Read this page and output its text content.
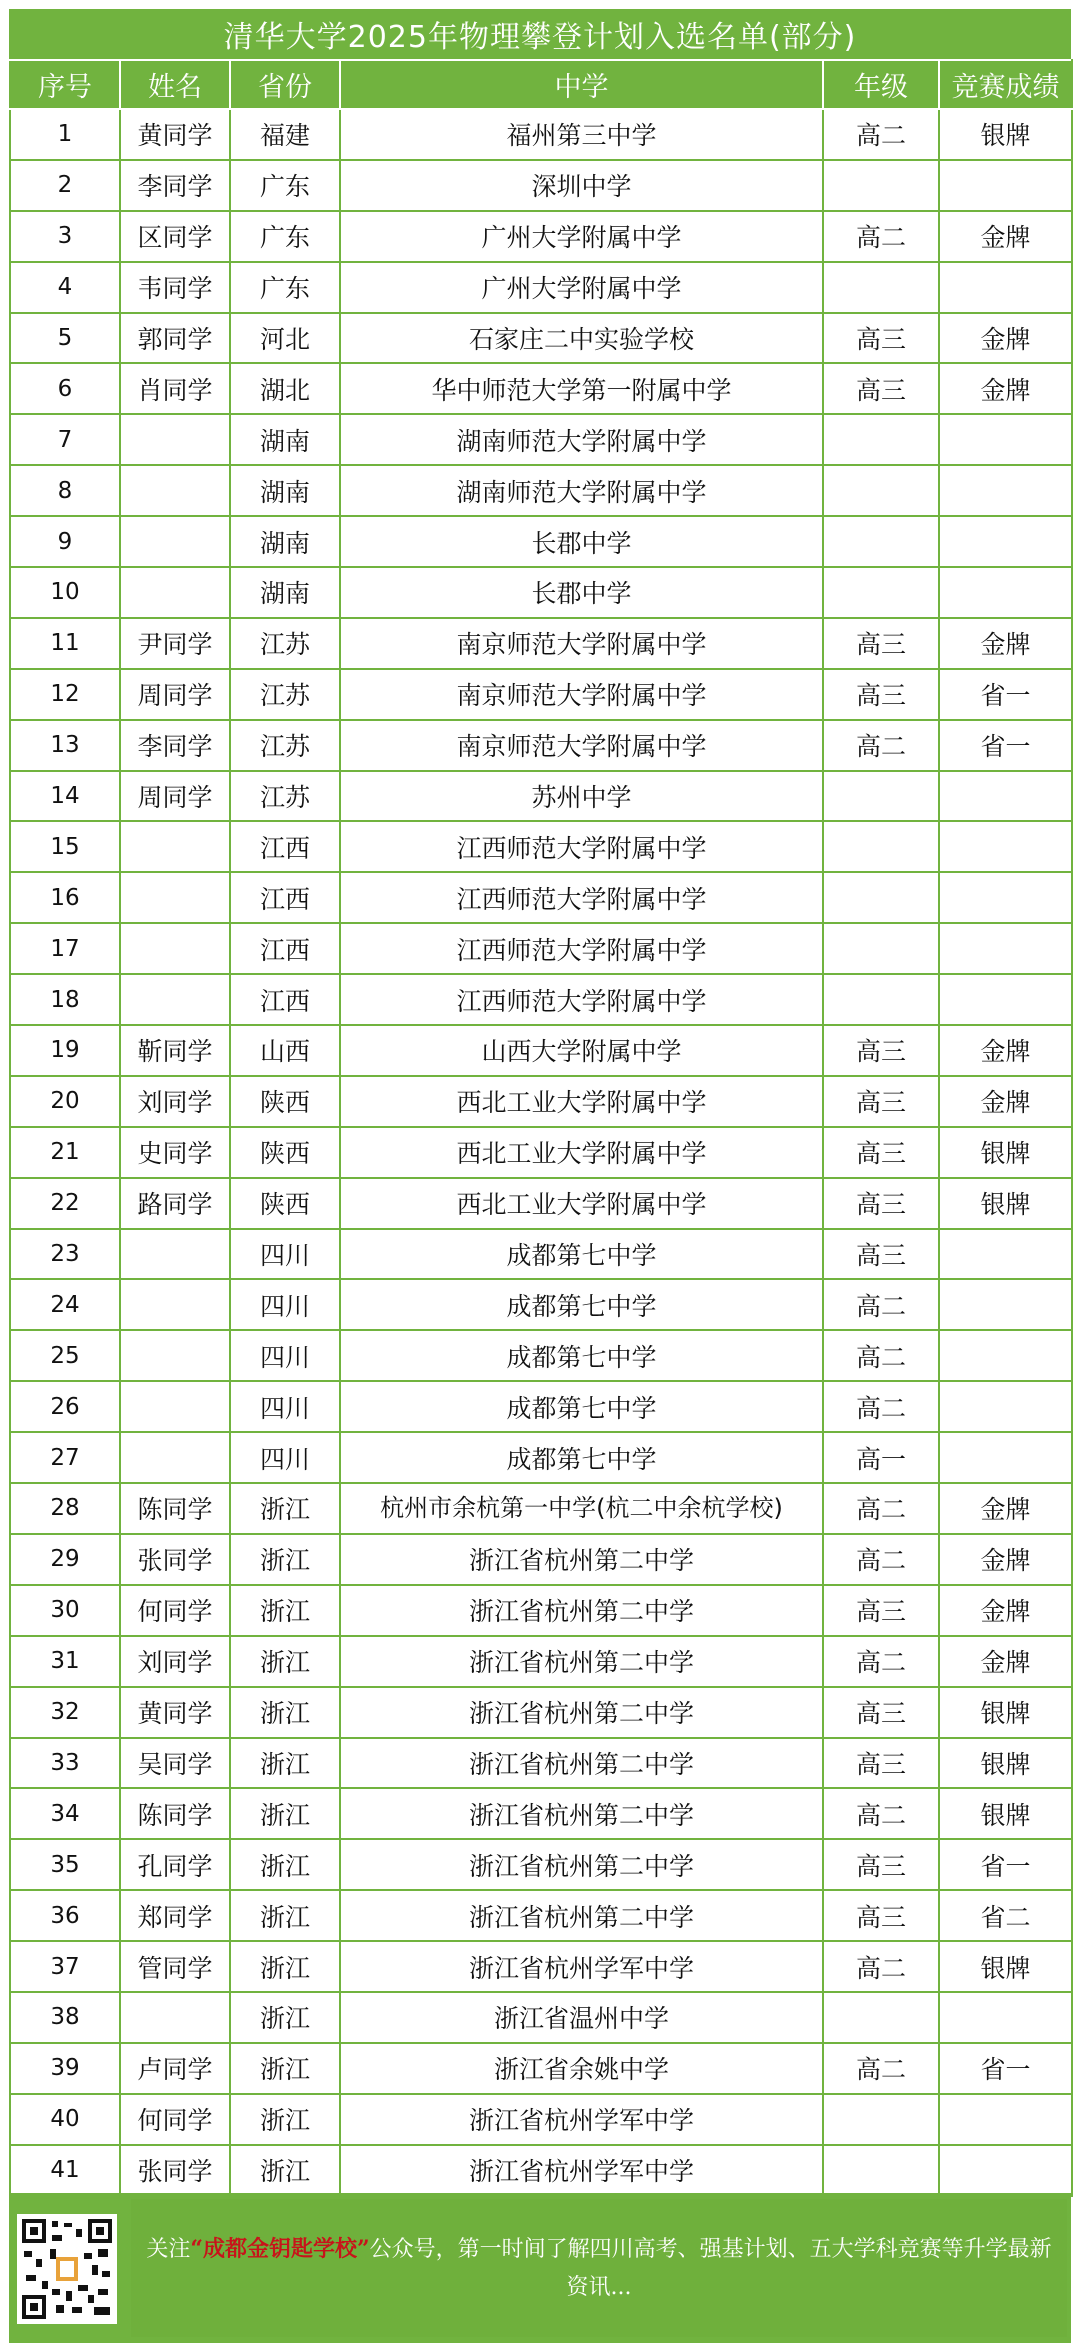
清华大学2025年物理攀登计划入选名单(部分)
序号	姓名	省份	中学	年级	竞赛成绩
1	黄同学	福建	福州第三中学	高二	银牌
2	李同学	广东	深圳中学		
3	区同学	广东	广州大学附属中学	高二	金牌
4	韦同学	广东	广州大学附属中学		
5	郭同学	河北	石家庄二中实验学校	高三	金牌
6	肖同学	湖北	华中师范大学第一附属中学	高三	金牌
7		湖南	湖南师范大学附属中学		
8		湖南	湖南师范大学附属中学		
9		湖南	长郡中学		
10		湖南	长郡中学		
11	尹同学	江苏	南京师范大学附属中学	高三	金牌
12	周同学	江苏	南京师范大学附属中学	高三	省一
13	李同学	江苏	南京师范大学附属中学	高二	省一
14	周同学	江苏	苏州中学		
15		江西	江西师范大学附属中学		
16		江西	江西师范大学附属中学		
17		江西	江西师范大学附属中学		
18		江西	江西师范大学附属中学		
19	靳同学	山西	山西大学附属中学	高三	金牌
20	刘同学	陕西	西北工业大学附属中学	高三	金牌
21	史同学	陕西	西北工业大学附属中学	高三	银牌
22	路同学	陕西	西北工业大学附属中学	高三	银牌
23		四川	成都第七中学	高三	
24		四川	成都第七中学	高二	
25		四川	成都第七中学	高二	
26		四川	成都第七中学	高二	
27		四川	成都第七中学	高一	
28	陈同学	浙江	杭州市余杭第一中学(杭二中余杭学校)	高二	金牌
29	张同学	浙江	浙江省杭州第二中学	高二	金牌
30	何同学	浙江	浙江省杭州第二中学	高三	金牌
31	刘同学	浙江	浙江省杭州第二中学	高二	金牌
32	黄同学	浙江	浙江省杭州第二中学	高三	银牌
33	吴同学	浙江	浙江省杭州第二中学	高三	银牌
34	陈同学	浙江	浙江省杭州第二中学	高二	银牌
35	孔同学	浙江	浙江省杭州第二中学	高三	省一
36	郑同学	浙江	浙江省杭州第二中学	高三	省二
37	管同学	浙江	浙江省杭州学军中学	高二	银牌
38		浙江	浙江省温州中学		
39	卢同学	浙江	浙江省余姚中学	高二	省一
40	何同学	浙江	浙江省杭州学军中学		
41	张同学	浙江	浙江省杭州学军中学		
关注“成都金钥匙学校”公众号，第一时间了解四川高考、强基计划、五大学科竞赛等升学最新资讯...
